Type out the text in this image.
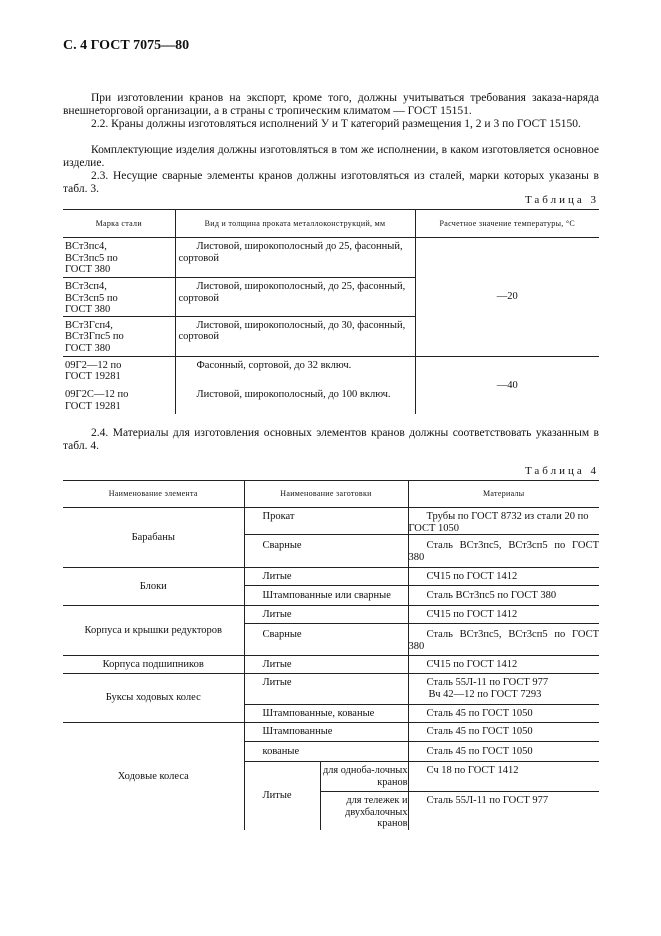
С. 4 ГОСТ 7075—80
При изготовлении кранов на экспорт, кроме того, должны учитываться требования заказа-наряда внешнеторговой организации, а в страны с тропическим климатом — ГОСТ 15151.
2.2. Краны должны изготовляться исполнений У и Т категорий размещения 1, 2 и 3 по ГОСТ 15150.
Комплектующие изделия должны изготовляться в том же исполнении, в каком изготовляется основное изделие.
2.3. Несущие сварные элементы кранов должны изготовляться из сталей, марки которых указаны в табл. 3.
Таблица 3
Марка стали	Вид и толщина проката металлоконструкций, мм	Расчетное значение температуры, °С
ВСт3пс4,
ВСт3пс5 по
ГОСТ 380	Листовой, широкополосный до 25, фасонный, сортовой	—20
ВСт3сп4,
ВСт3сп5 по
ГОСТ 380	Листовой, широкополосный, до 25, фасонный, сортовой	
ВСт3Гсп4,
ВСт3Гпс5 по
ГОСТ 380	Листовой, широкополосный, до 30, фасонный, сортовой	
09Г2—12 по
ГОСТ 19281	Фасонный, сортовой, до 32 включ.	—40
09Г2С—12 по
ГОСТ 19281	Листовой, широкополосный, до 100 включ.	
2.4. Материалы для изготовления основных элементов кранов должны соответствовать указанным в табл. 4.
Таблица 4
Наименование элемента	Наименование заготовки		Материалы
Барабаны	Прокат		Трубы по ГОСТ 8732 из стали 20 по ГОСТ 1050
	Сварные		Сталь ВСт3пс5, ВСт3сп5 по ГОСТ 380
Блоки	Литые		СЧ15 по ГОСТ 1412
	Штампованные или сварные		Сталь ВСт3пс5 по ГОСТ 380
Корпуса и крышки редукторов	Литые		СЧ15 по ГОСТ 1412
	Сварные		Сталь ВСт3пс5, ВСт3сп5 по ГОСТ 380
Корпуса подшипников	Литые		СЧ15 по ГОСТ 1412
Буксы ходовых колес	Литые		Сталь 55Л-11 по ГОСТ 977
Вч 42—12 по ГОСТ 7293

	Штампованные, кованые		Сталь 45 по ГОСТ 1050
Ходовые колеса	Штампованные		Сталь 45 по ГОСТ 1050
	кованые		Сталь 45 по ГОСТ 1050
	Литые	для одноба-лочных кранов	Сч 18 по ГОСТ 1412
		для тележек и двухбалочных кранов	Сталь 55Л-11 по ГОСТ 977
